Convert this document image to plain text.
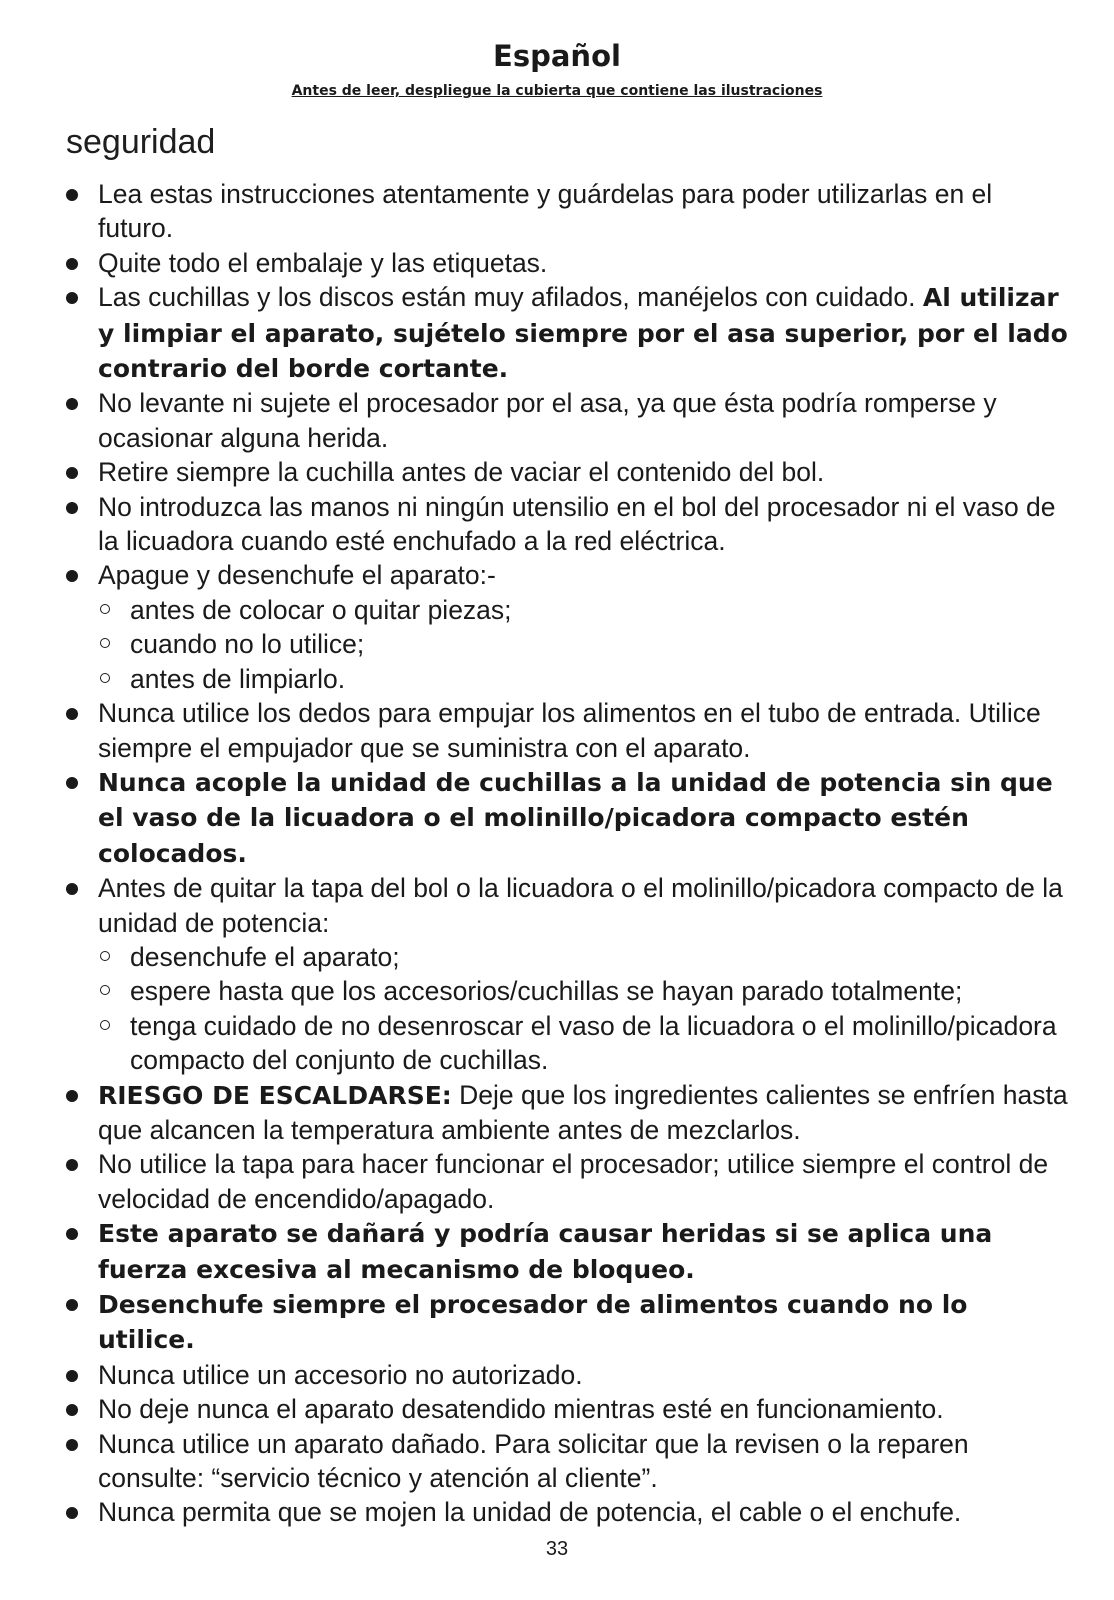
Español
Antes de leer, despliegue la cubierta que contiene las ilustraciones
seguridad
Lea estas instrucciones atentamente y guárdelas para poder utilizarlas en el futuro.
Quite todo el embalaje y las etiquetas.
Las cuchillas y los discos están muy afilados, manéjelos con cuidado. Al utilizar y limpiar el aparato, sujételo siempre por el asa superior, por el lado contrario del borde cortante.
No levante ni sujete el procesador por el asa, ya que ésta podría romperse y ocasionar alguna herida.
Retire siempre la cuchilla antes de vaciar el contenido del bol.
No introduzca las manos ni ningún utensilio en el bol del procesador ni el vaso de la licuadora cuando esté enchufado a la red eléctrica.
Apague y desenchufe el aparato:-
antes de colocar o quitar piezas;
cuando no lo utilice;
antes de limpiarlo.
Nunca utilice los dedos para empujar los alimentos en el tubo de entrada. Utilice siempre el empujador que se suministra con el aparato.
Nunca acople la unidad de cuchillas a la unidad de potencia sin que el vaso de la licuadora o el molinillo/picadora compacto estén colocados.
Antes de quitar la tapa del bol o la licuadora o el molinillo/picadora compacto de la unidad de potencia:
desenchufe el aparato;
espere hasta que los accesorios/cuchillas se hayan parado totalmente;
tenga cuidado de no desenroscar el vaso de la licuadora o el molinillo/picadora compacto del conjunto de cuchillas.
RIESGO DE ESCALDARSE: Deje que los ingredientes calientes se enfríen hasta que alcancen la temperatura ambiente antes de mezclarlos.
No utilice la tapa para hacer funcionar el procesador; utilice siempre el control de velocidad de encendido/apagado.
Este aparato se dañará y podría causar heridas si se aplica una fuerza excesiva al mecanismo de bloqueo.
Desenchufe siempre el procesador de alimentos cuando no lo utilice.
Nunca utilice un accesorio no autorizado.
No deje nunca el aparato desatendido mientras esté en funcionamiento.
Nunca utilice un aparato dañado. Para solicitar que la revisen o la reparen consulte: “servicio técnico y atención al cliente”.
Nunca permita que se mojen la unidad de potencia, el cable o el enchufe.
33
